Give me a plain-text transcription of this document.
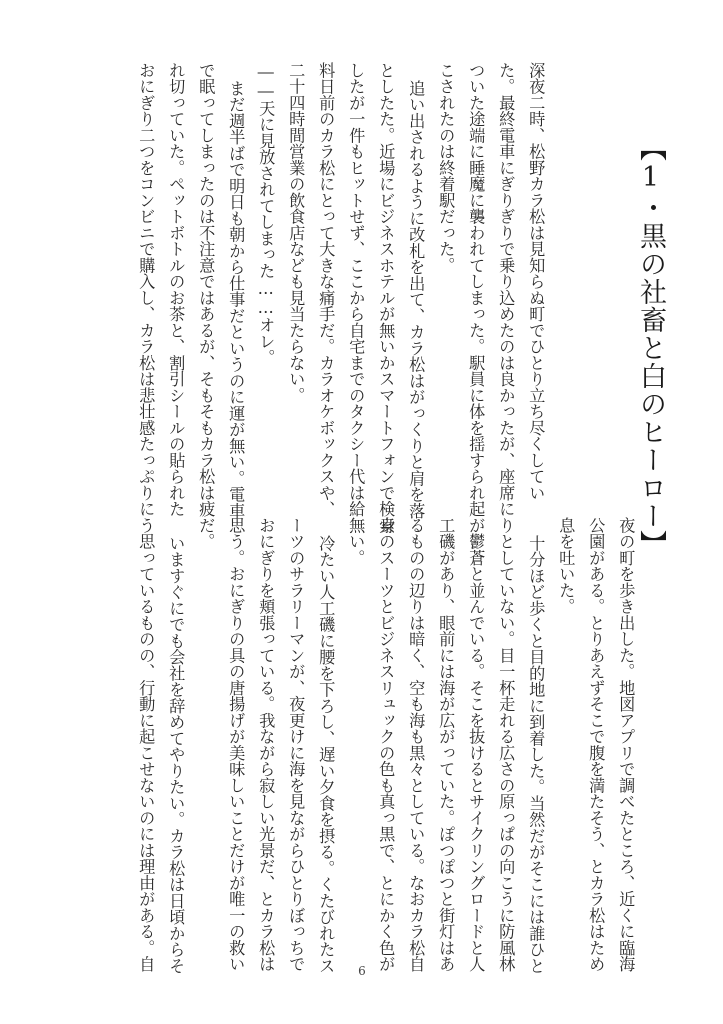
【1・黒の社畜と白のヒーロー】
深夜二時、松野カラ松は見知らぬ町でひとり立ち尽くしてい
た。最終電車にぎりぎりで乗り込めたのは良かったが、座席に
ついた途端に睡魔に襲われてしまった。駅員に体を揺すられ起
こされたのは終着駅だった。
追い出されるように改札を出て、カラ松はがっくりと肩を落
としたた。近場にビジネスホテルが無いかスマートフォンで検索
したが一件もヒットせず、ここから自宅までのタクシー代は給
料日前のカラ松にとって大きな痛手だ。カラオケボックスや、
二十四時間営業の飲食店なども見当たらない。
――天に見放されてしまった……オレ。
まだ週半ばで明日も朝から仕事だというのに運が無い。電車
で眠ってしまったのは不注意ではあるが、そもそもカラ松は疲
れ切っていた。ペットボトルのお茶と、割引シールの貼られた
おにぎり二つをコンビニで購入し、カラ松は悲壮感たっぷりに
夜の町を歩き出した。地図アプリで調べたところ、近くに臨海
公園がある。とりあえずそこで腹を満たそう、とカラ松はため
息を吐いた。
十分ほど歩くと目的地に到着した。当然だがそこには誰ひと
りとしていない。目一杯走れる広さの原っぱの向こうに防風林
が鬱蒼と並んでいる。そこを抜けるとサイクリングロードと人
工磯があり、眼前には海が広がっていた。ぽつぽつと街灯はあ
るものの辺りは暗く、空も海も黒々としている。なおカラ松自
身のスーツとビジネスリュックの色も真っ黒で、とにかく色が
無い。
冷たい人工磯に腰を下ろし、遅い夕食を摂る。くたびれたス
ーツのサラリーマンが、夜更けに海を見ながらひとりぼっちで
おにぎりを頬張っている。我ながら寂しい光景だ、とカラ松は
思う。おにぎりの具の唐揚げが美味しいことだけが唯一の救い
だ。
いますぐにでも会社を辞めてやりたい。カラ松は日頃からそ
う思っているものの、行動に起こせないのには理由がある。自	6
